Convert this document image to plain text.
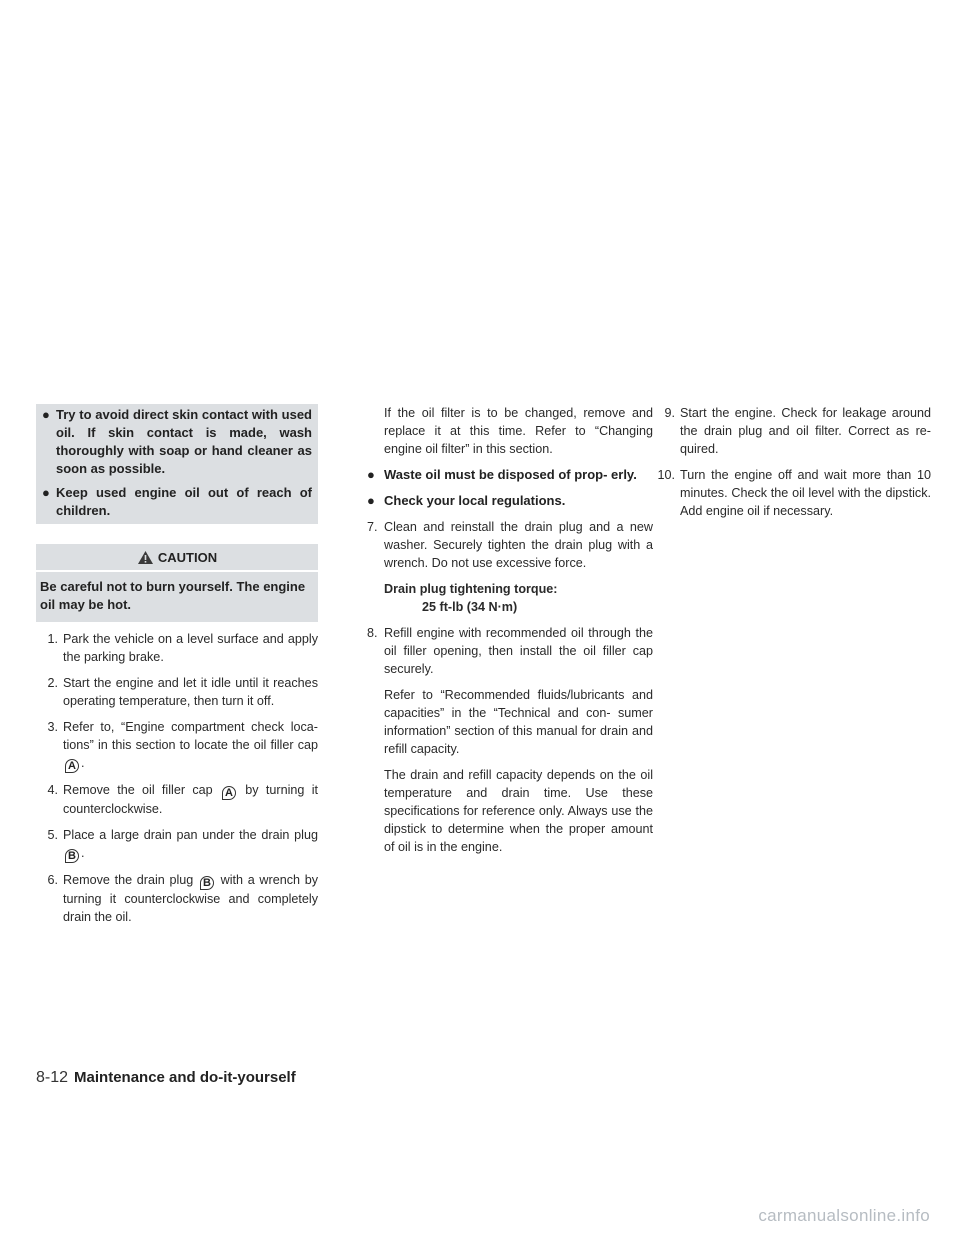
● Try to avoid direct skin contact with used oil. If skin contact is made, wash thoroughly with soap or hand cleaner as soon as possible.
● Keep used engine oil out of reach of children.
CAUTION
Be careful not to burn yourself. The engine oil may be hot.
1. Park the vehicle on a level surface and apply the parking brake.
2. Start the engine and let it idle until it reaches operating temperature, then turn it off.
3. Refer to, “Engine compartment check loca- tions” in this section to locate the oil filler cap A .
4. Remove the oil filler cap A by turning it counterclockwise.
5. Place a large drain pan under the drain plug B .
6. Remove the drain plug B with a wrench by turning it counterclockwise and completely drain the oil.
If the oil filter is to be changed, remove and replace it at this time. Refer to “Changing engine oil filter” in this section.
● Waste oil must be disposed of prop- erly.
● Check your local regulations.
7. Clean and reinstall the drain plug and a new washer. Securely tighten the drain plug with a wrench. Do not use excessive force.
Drain plug tightening torque:
25 ft-lb (34 N·m)
8. Refill engine with recommended oil through the oil filler opening, then install the oil filler cap securely.
Refer to “Recommended fluids/lubricants and capacities” in the “Technical and con- sumer information” section of this manual for drain and refill capacity.
The drain and refill capacity depends on the oil temperature and drain time. Use these specifications for reference only. Always use the dipstick to determine when the proper amount of oil is in the engine.
9. Start the engine. Check for leakage around the drain plug and oil filter. Correct as re- quired.
10. Turn the engine off and wait more than 10 minutes. Check the oil level with the dipstick. Add engine oil if necessary.
8-12 Maintenance and do-it-yourself
carmanualsonline.info
